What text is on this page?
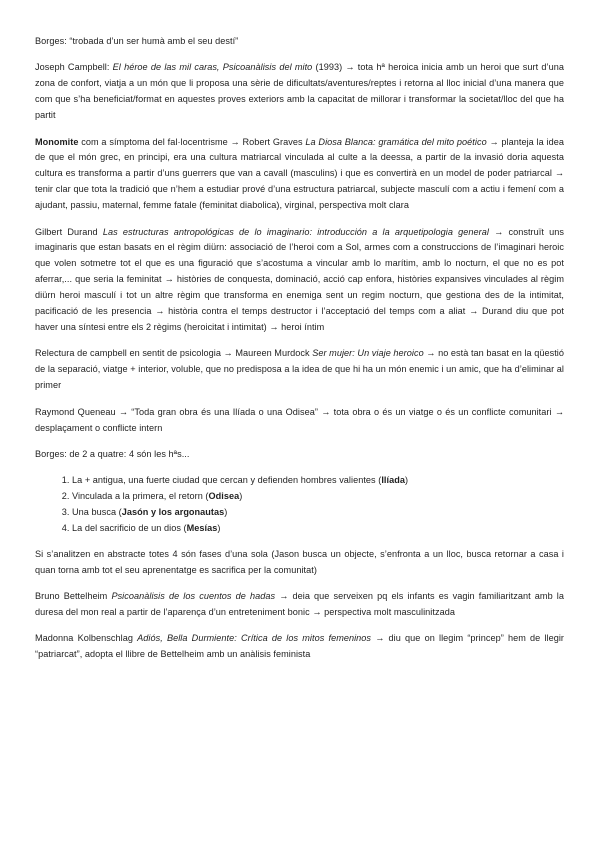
Borges: “trobada d’un ser humà amb el seu destí”

Joseph Campbell: El héroe de las mil caras, Psicoanàlisis del mito (1993) → tota hª heroica inicia amb un heroi que surt d’una zona de confort, viatja a un món que li proposa una sèrie de dificultats/aventures/reptes i retorna al lloc inicial d’una manera que com que s’ha beneficiat/format en aquestes proves exteriors amb la capacitat de millorar i transformar la societat/lloc del que ha partit

Monomite com a símptoma del fal·locentrisme → Robert Graves La Diosa Blanca: gramática del mito poético → planteja la idea de que el món grec, en principi, era una cultura matriarcal vinculada al culte a la deessa, a partir de la invasió doria aquesta cultura es transforma a partir d’uns guerrers que van a cavall (masculins) i que es convertirà en un model de poder patriarcal → tenir clar que tota la tradició que n’hem a estudiar prové d’una estructura patriarcal, subjecte masculí com a actiu i femení com a ajudant, passiu, maternal, femme fatale (feminitat diabolica), virginal, perspectiva molt clara

Gilbert Durand Las estructuras antropológicas de lo imaginario: introducción a la arquetipologia general → construït uns imaginaris que estan basats en el règim diürn: associació de l’heroi com a Sol, armes com a construccions de l’imaginari heroic que volen sotmetre tot el que es una figuració que s’acostuma a vincular amb lo marítim, amb lo nocturn, el que no es pot aferrar,... que seria la feminitat → històries de conquesta, dominació, acció cap enfora, històries expansives vinculades al règim diürn heroi masculí i tot un altre règim que transforma en enemiga sent un regim nocturn, que gestiona des de la intimitat, pacificació de les presencia → història contra el temps destructor i l’acceptació del temps com a aliat → Durand diu que pot haver una síntesi entre els 2 règims (heroicitat i intimitat) → heroi íntim

Relectura de campbell en sentit de psicologia → Maureen Murdock Ser mujer: Un viaje heroico → no està tan basat en la qüestió de la separació, viatge + interior, voluble, que no predisposa a la idea de que hi ha un món enemic i un amic, que ha d’eliminar al primer

Raymond Queneau → “Toda gran obra és una Ilíada o una Odisea” → tota obra o és un viatge o és un conflicte comunitari → desplaçament o conflicte intern

Borges: de 2 a quatre: 4 són les hªs...

1. La + antigua, una fuerte ciudad que cercan y defienden hombres valientes (Ilíada)
2. Vinculada a la primera, el retorn (Odisea)
3. Una busca (Jasón y los argonautas)
4. La del sacrificio de un dios (Mesías)

Si s’analitzen en abstracte totes 4 són fases d’una sola (Jason busca un objecte, s’enfronta a un lloc, busca retornar a casa i quan torna amb tot el seu aprenentatge es sacrifica per la comunitat)

Bruno Bettelheim Psicoanàlisis de los cuentos de hadas → deia que serveixen pq els infants es vagin familiaritzant amb la duresa del mon real a partir de l’aparença d’un entreteniment bonic → perspectiva molt masculinitzada

Madonna Kolbenschlag Adiós, Bella Durmiente: Crítica de los mitos femeninos → diu que on llegim “princep” hem de llegir “patriarcat”, adopta el llibre de Bettelheim amb un anàlisis feminista
